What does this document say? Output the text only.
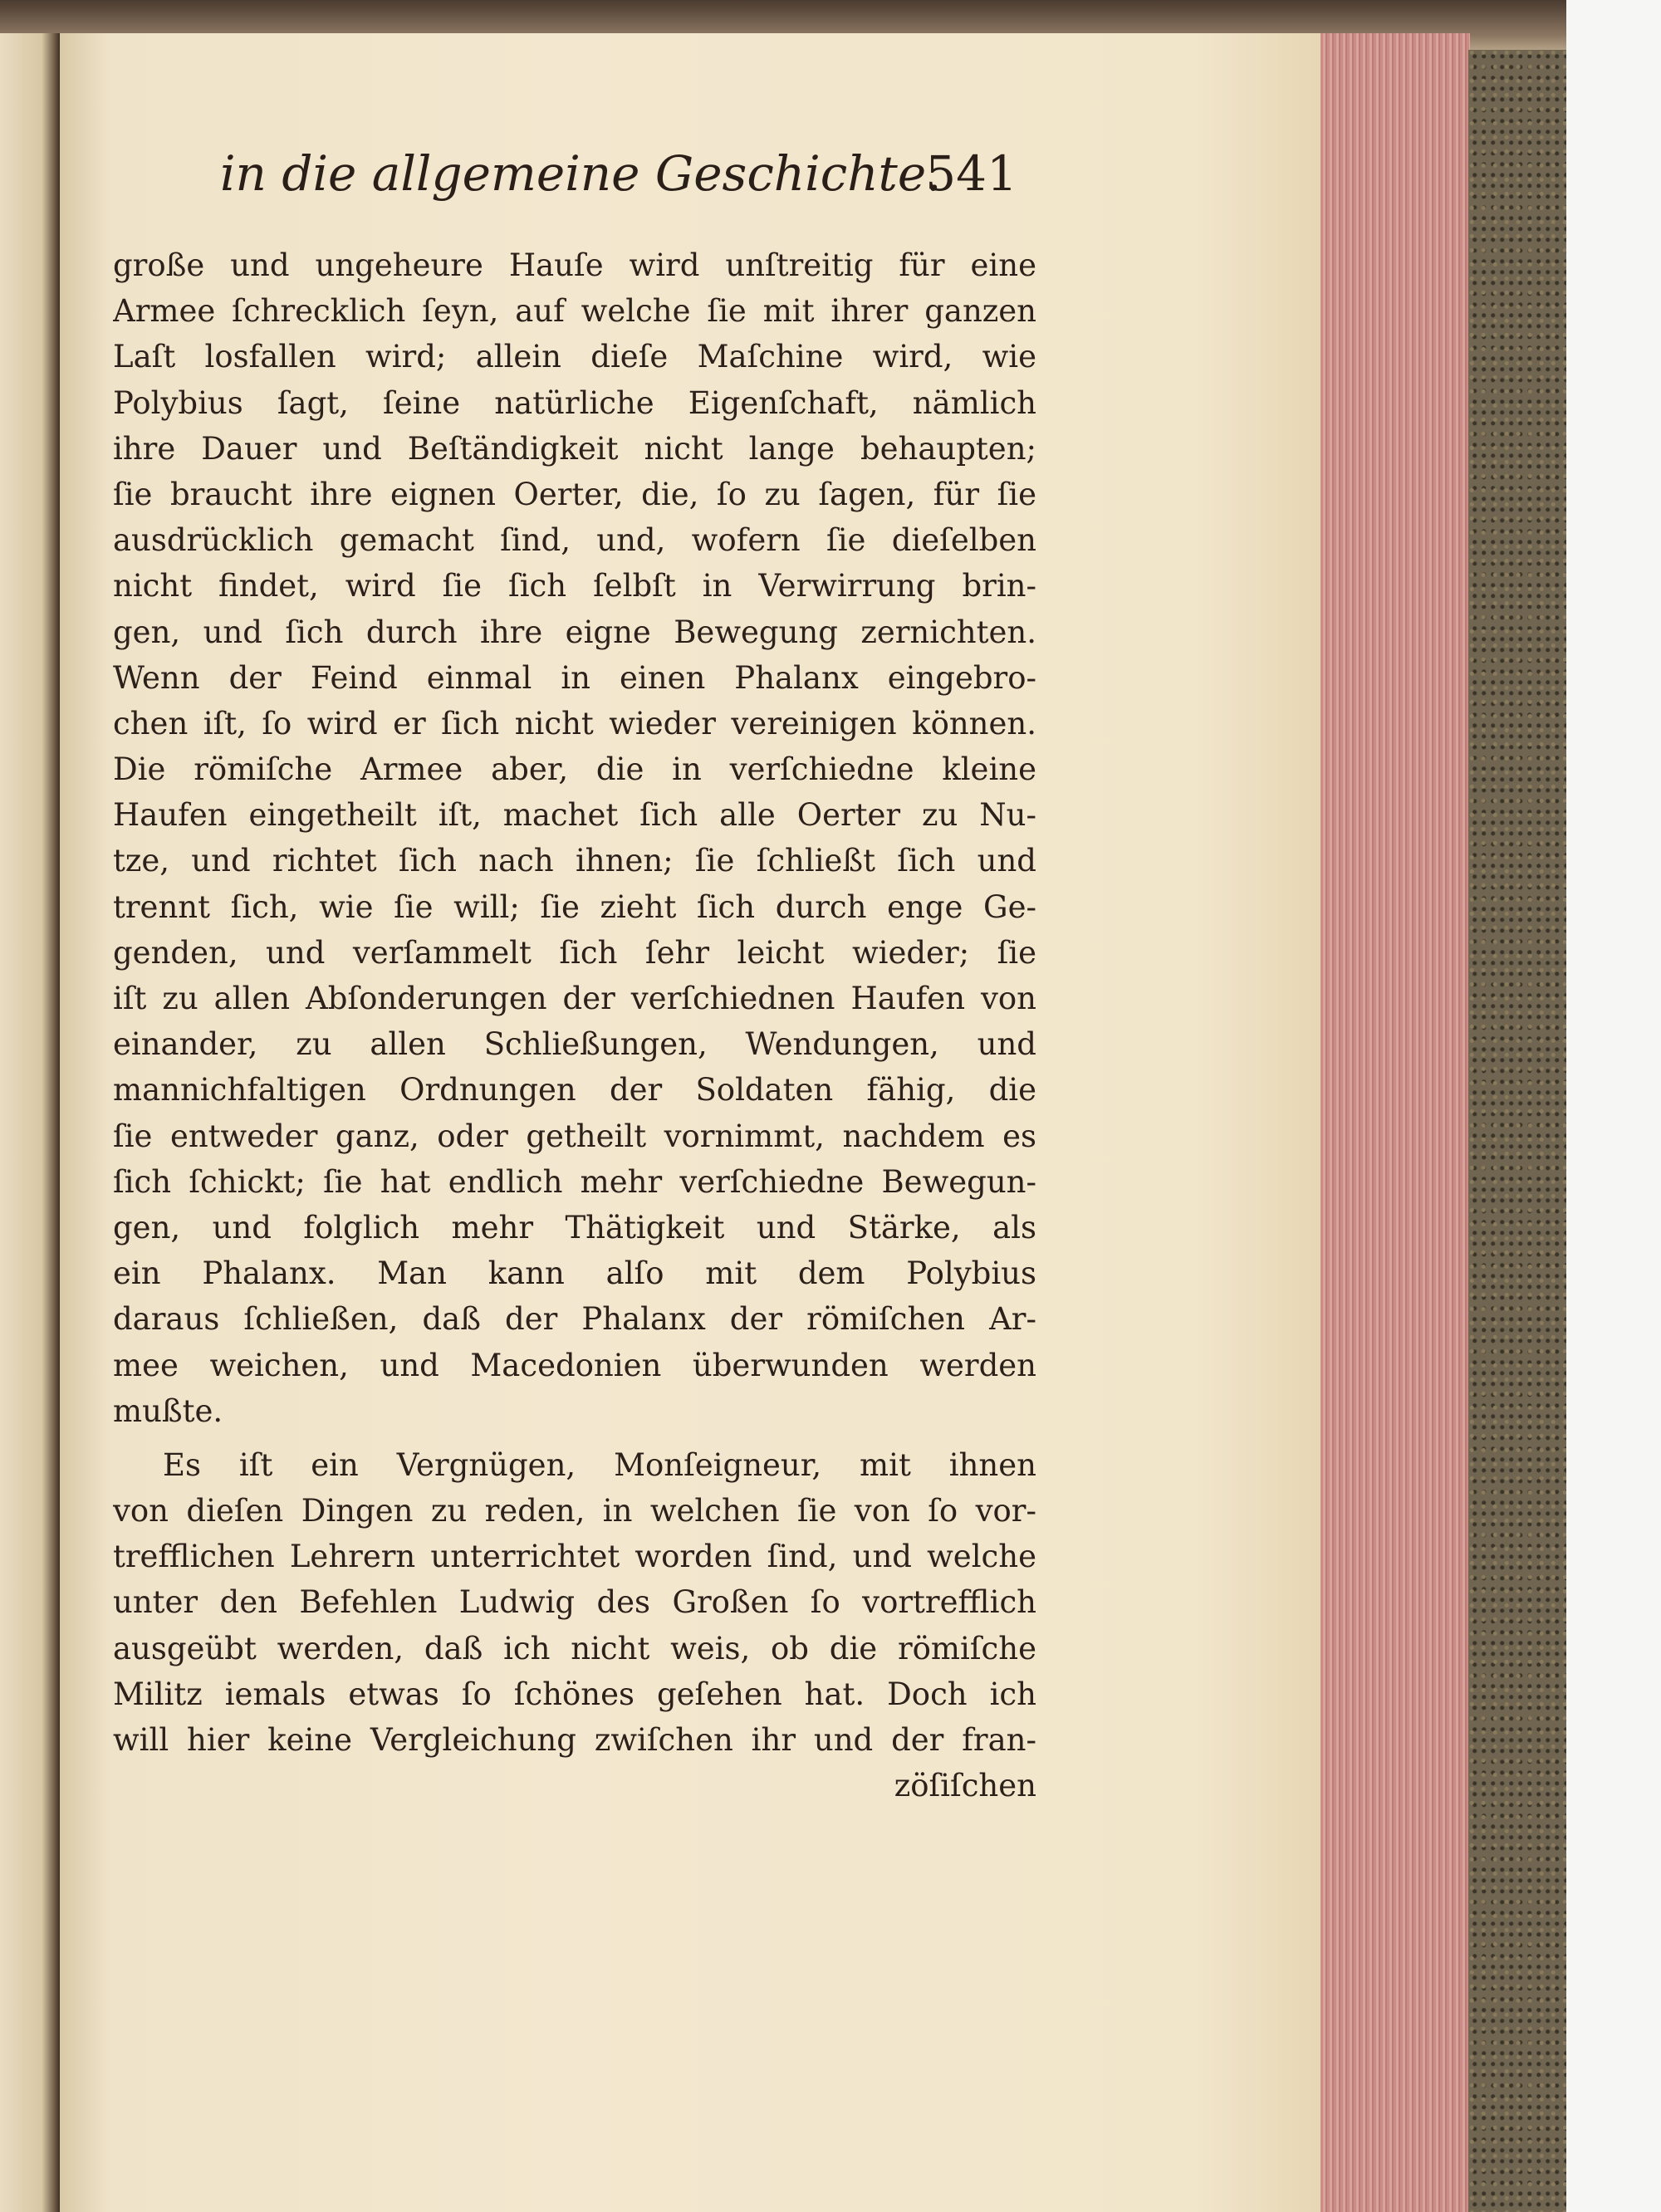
in die allgemeine Geschichte.
541
große und ungeheure Hauſe wird unſtreitig für eine
Armee ſchrecklich ſeyn, auf welche ſie mit ihrer ganzen
Laſt losfallen wird; allein dieſe Maſchine wird, wie
Polybius ſagt, ſeine natürliche Eigenſchaft, nämlich
ihre Dauer und Beſtändigkeit nicht lange behaupten;
ſie braucht ihre eignen Oerter, die, ſo zu ſagen, für ſie
ausdrücklich gemacht ſind, und, wofern ſie dieſelben
nicht findet, wird ſie ſich ſelbſt in Verwirrung brin-
gen, und ſich durch ihre eigne Bewegung zernichten.
Wenn der Feind einmal in einen Phalanx eingebro-
chen iſt, ſo wird er ſich nicht wieder vereinigen können.
Die römiſche Armee aber, die in verſchiedne kleine
Haufen eingetheilt iſt, machet ſich alle Oerter zu Nu-
tze, und richtet ſich nach ihnen; ſie ſchließt ſich und
trennt ſich, wie ſie will; ſie zieht ſich durch enge Ge-
genden, und verſammelt ſich ſehr leicht wieder; ſie
iſt zu allen Abſonderungen der verſchiednen Haufen von
einander, zu allen Schließungen, Wendungen, und
mannichfaltigen Ordnungen der Soldaten fähig, die
ſie entweder ganz, oder getheilt vornimmt, nachdem es
ſich ſchickt; ſie hat endlich mehr verſchiedne Bewegun-
gen, und folglich mehr Thätigkeit und Stärke, als
ein Phalanx. Man kann alſo mit dem Polybius
daraus ſchließen, daß der Phalanx der römiſchen Ar-
mee weichen, und Macedonien überwunden werden
mußte.
Es iſt ein Vergnügen, Monſeigneur, mit ihnen
von dieſen Dingen zu reden, in welchen ſie von ſo vor-
trefflichen Lehrern unterrichtet worden ſind, und welche
unter den Befehlen Ludwig des Großen ſo vortrefflich
ausgeübt werden, daß ich nicht weis, ob die römiſche
Militz iemals etwas ſo ſchönes geſehen hat. Doch ich
will hier keine Vergleichung zwiſchen ihr und der fran-
zöſiſchen
